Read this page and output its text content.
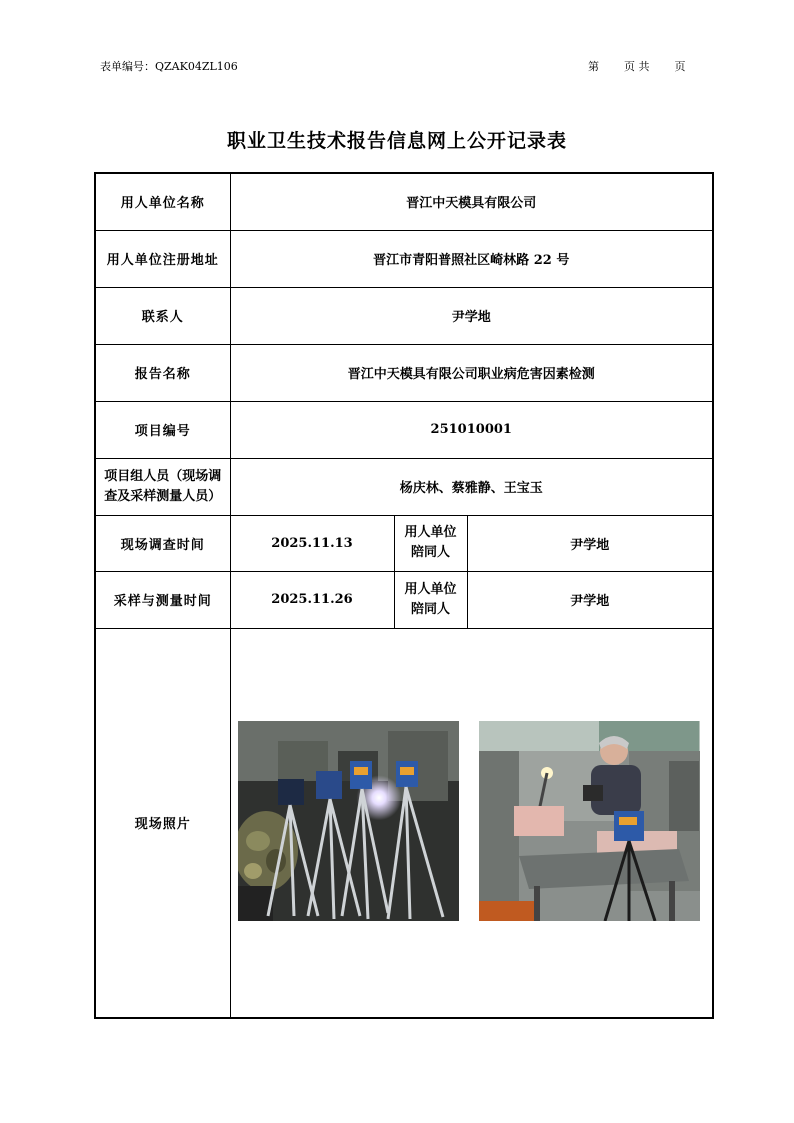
表单编号：QZAK04ZL106	第 页 共 页
职业卫生技术报告信息网上公开记录表
用人单位名称	晋江中天模具有限公司		
用人单位注册地址	晋江市青阳普照社区崎林路 22 号		
联系人	尹学地		
报告名称	晋江中天模具有限公司职业病危害因素检测		
项目编号	251010001		

项目组人员（现场调
查及采样测量人员）	杨庆林、蔡雅静、王宝玉		
现场调查时间	2025.11.13	用人单位
陪同人	尹学地
采样与测量时间	2025.11.26	用人单位
陪同人	尹学地
现场照片	
